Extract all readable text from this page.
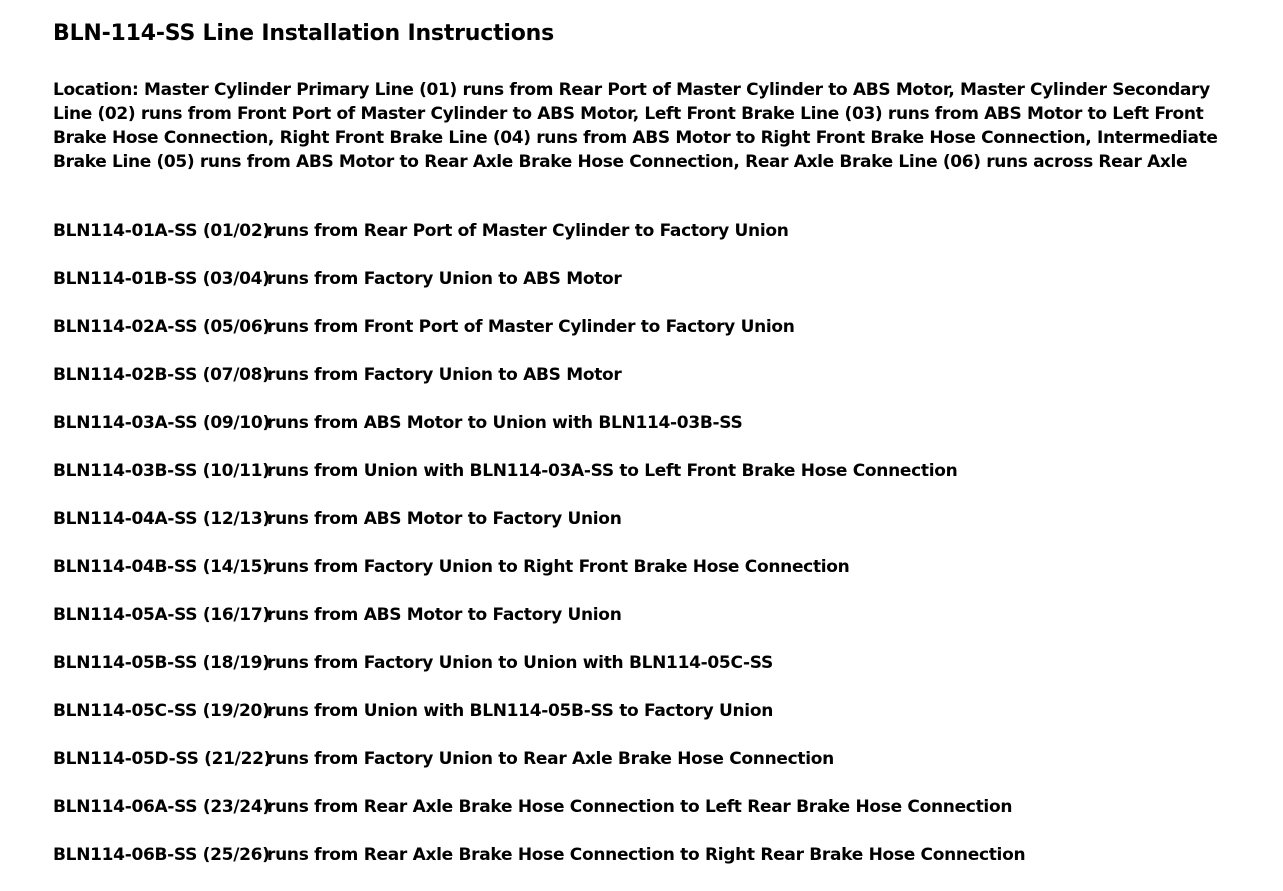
BLN-114-SS Line Installation Instructions

Location: Master Cylinder Primary Line (01) runs from Rear Port of Master Cylinder to ABS Motor, Master Cylinder Secondary Line (02) runs from Front Port of Master Cylinder to ABS Motor, Left Front Brake Line (03) runs from ABS Motor to Left Front Brake Hose Connection, Right Front Brake Line (04) runs from ABS Motor to Right Front Brake Hose Connection, Intermediate Brake Line (05) runs from ABS Motor to Rear Axle Brake Hose Connection, Rear Axle Brake Line (06) runs across Rear Axle

BLN114-01A-SS (01/02)
runs from Rear Port of Master Cylinder to Factory Union
BLN114-01B-SS (03/04)
runs from Factory Union to ABS Motor
BLN114-02A-SS (05/06)
runs from Front Port of Master Cylinder to Factory Union
BLN114-02B-SS (07/08)
runs from Factory Union to ABS Motor
BLN114-03A-SS (09/10)
runs from ABS Motor to Union with BLN114-03B-SS
BLN114-03B-SS (10/11)
runs from Union with BLN114-03A-SS to Left Front Brake Hose Connection
BLN114-04A-SS (12/13)
runs from ABS Motor to Factory Union
BLN114-04B-SS (14/15)
runs from Factory Union to Right Front Brake Hose Connection
BLN114-05A-SS (16/17)
runs from ABS Motor to Factory Union
BLN114-05B-SS (18/19)
runs from Factory Union to Union with BLN114-05C-SS
BLN114-05C-SS (19/20)
runs from Union with BLN114-05B-SS to Factory Union
BLN114-05D-SS (21/22)
runs from Factory Union to Rear Axle Brake Hose Connection
BLN114-06A-SS (23/24)
runs from Rear Axle Brake Hose Connection to Left Rear Brake Hose Connection
BLN114-06B-SS (25/26)
runs from Rear Axle Brake Hose Connection to Right Rear Brake Hose Connection
